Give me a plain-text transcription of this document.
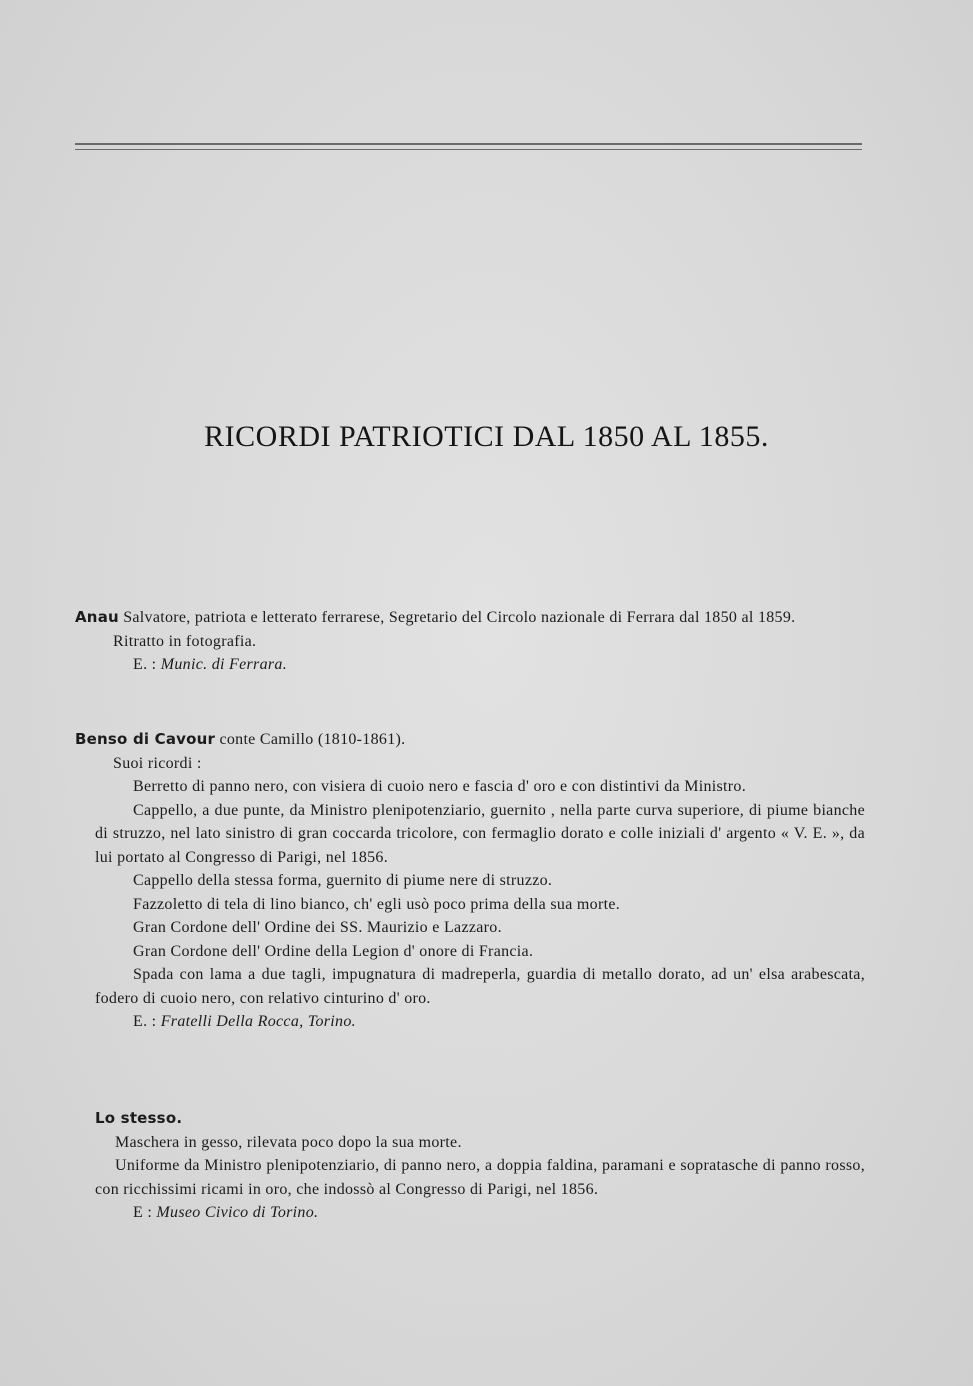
RICORDI PATRIOTICI DAL 1850 AL 1855.

Anau Salvatore, patriota e letterato ferrarese, Segretario del Circolo nazionale di Ferrara dal 1850 al 1859.

Ritratto in fotografia.

E. : Munic. di Ferrara.

Benso di Cavour conte Camillo (1810-1861).

Suoi ricordi :

Berretto di panno nero, con visiera di cuoio nero e fascia d' oro e con distintivi da Ministro.

Cappello, a due punte, da Ministro plenipotenziario, guernito , nella parte curva superiore, di piume bianche di struzzo, nel lato sinistro di gran coccarda tricolore, con fermaglio dorato e colle iniziali d' argento « V. E. », da lui portato al Congresso di Parigi, nel 1856.

Cappello della stessa forma, guernito di piume nere di struzzo.

Fazzoletto di tela di lino bianco, ch' egli usò poco prima della sua morte.

Gran Cordone dell' Ordine dei SS. Maurizio e Lazzaro.

Gran Cordone dell' Ordine della Legion d' onore di Francia.

Spada con lama a due tagli, impugnatura di madreperla, guardia di metallo dorato, ad un' elsa arabescata, fodero di cuoio nero, con relativo cinturino d' oro.

E. : Fratelli Della Rocca, Torino.

Lo stesso.

Maschera in gesso, rilevata poco dopo la sua morte.

Uniforme da Ministro plenipotenziario, di panno nero, a doppia faldina, paramani e sopratasche di panno rosso, con ricchissimi ricami in oro, che indossò al Congresso di Parigi, nel 1856.

E : Museo Civico di Torino.
